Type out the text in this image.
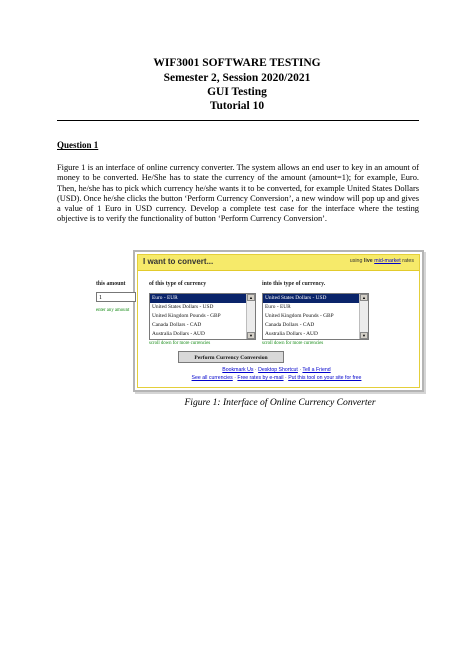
WIF3001 SOFTWARE TESTING
Semester 2, Session 2020/2021
GUI Testing
Tutorial 10
Question 1
Figure 1 is an interface of online currency converter. The system allows an end user to key in an amount of money to be converted. He/She has to state the currency of the amount (amount=1); for example, Euro. Then, he/she has to pick which currency he/she wants it to be converted, for example United States Dollars (USD). Once he/she clicks the button ‘Perform Currency Conversion’, a new window will pop up and gives a value of 1 Euro in USD currency. Develop a complete test case for the interface where the testing objective is to verify the functionality of button ‘Perform Currency Conversion’.
I want to convert...	using live mid-market rates
this amount	of this type of currency	into this type of currency.
1
enter any amount
Euro - EUR
United States Dollars - USD
United Kingdom Pounds - GBP
Canada Dollars - CAD
Australia Dollars - AUD
▲
▼
scroll down for more currencies
United States Dollars - USD
Euro - EUR
United Kingdom Pounds - GBP
Canada Dollars - CAD
Australia Dollars - AUD
▲
▼
scroll down for more currencies
Perform Currency Conversion
Bookmark Us · Desktop Shortcut · Tell a Friend
See all currencies · Free rates by e-mail · Put this tool on your site for free
Figure 1: Interface of Online Currency Converter
